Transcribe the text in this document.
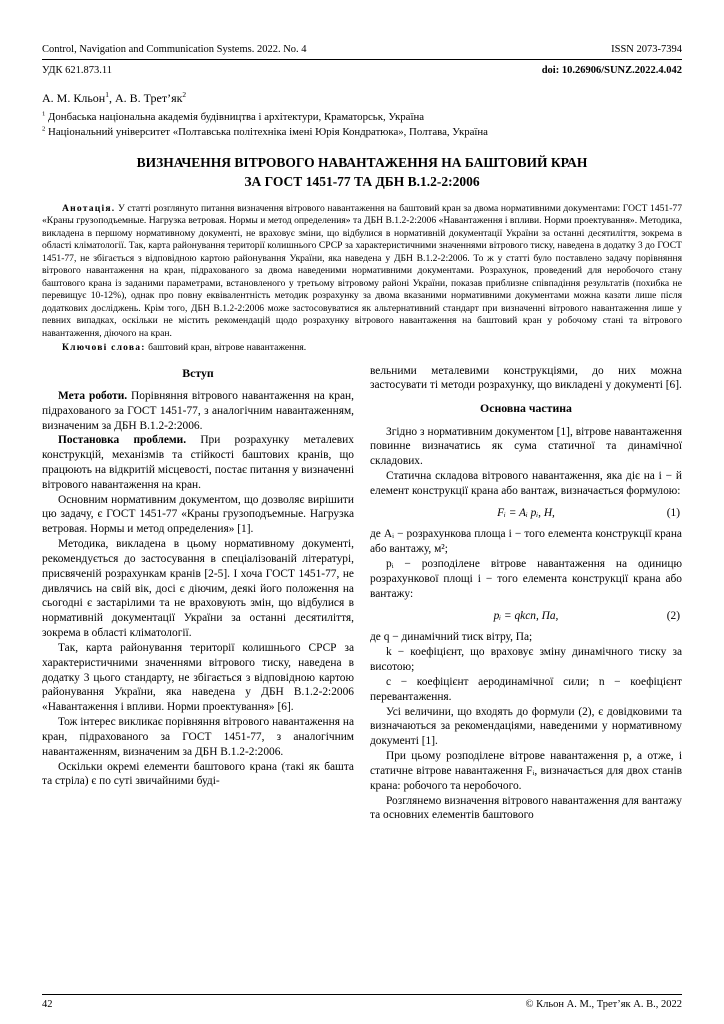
Control, Navigation and Communication Systems. 2022. No. 4	ISSN 2073-7394
УДК 621.873.11	doi: 10.26906/SUNZ.2022.4.042
А. М. Кльон$^1$, А. В. $Трет’як^2$
$^1$ Донбаська національна академія будівництва і архітектури, Краматорськ, Україна
$^2$ Національний університет «Полтавська політехніка імені Юрія Кондратюка», Полтава, Україна
ВИЗНАЧЕННЯ ВІТРОВОГО НАВАНТАЖЕННЯ НА БАШТОВИЙ КРАН
ЗА ГОСТ 1451-77 ТА ДБН В.1.2-2:2006

Анотація. У статті розглянуто питання визначення вітрового навантаження на баштовий кран за двома нормативними документами: ГОСТ 1451-77 «Краны грузоподъемные. Нагрузка ветровая. Нормы и метод определения» та ДБН В.1.2-2:2006 «Навантаження і впливи. Норми проектування». Методика, викладена в першому нормативному документі, не враховує зміни, що відбулися в нормативній документації України за останні десятиліття, зокрема в області кліматології. Так, карта районування території колишнього СРСР за характеристичними значеннями вітрового тиску, наведена в додатку 3 до ГОСТ 1451-77, не збігається з відповідною картою районування України, яка наведена у ДБН В.1.2-2:2006. То ж у статті було поставлено задачу порівняння вітрового навантаження на кран, підрахованого за двома наведеними нормативними документами. Розрахунок, проведений для неробочого стану баштового крана із заданими параметрами, встановленого у третьому вітровому районі України, показав приблизне співпадіння результатів (похибка не перевищує 10-12%), однак про повну еквівалентність методик розрахунку за двома вказаними нормативними документами можна казати лише після додаткових досліджень. Крім того, ДБН В.1.2-2:2006 може застосовуватися як альтернативний стандарт при визначенні вітрового навантаження лише у певних випадках, оскільки не містить рекомендацій щодо розрахунку вітрового навантаження на баштовий кран у робочому стані та вітрового навантаження, діючого на кран.

Ключові слова: баштовий кран, вітрове навантаження.

Вступ

Мета роботи. Порівняння вітрового навантаження на кран, підрахованого за ГОСТ 1451-77, з аналогічним навантаженням, визначеним за ДБН В.1.2-2:2006.

Постановка проблеми. При розрахунку металевих конструкцій, механізмів та стійкості баштових кранів, що працюють на відкритій місцевості, постає питання у визначенні вітрового навантаження на кран.

Основним нормативним документом, що дозволяє вирішити цю задачу, є ГОСТ 1451-77 «Краны грузоподъемные. Нагрузка ветровая. Нормы и метод определения» [1].

Методика, викладена в цьому нормативному документі, рекомендується до застосування в спеціалізованій літературі, присвяченій розрахункам кранів [2-5]. І хоча ГОСТ 1451-77, не дивлячись на свій вік, досі є діючим, деякі його положення на сьогодні є застарілими та не враховують змін, що відбулися в нормативній документації України за останні десятиліття, зокрема в області кліматології.

Так, карта районування території колишнього СРСР за характеристичними значеннями вітрового тиску, наведена в додатку 3 цього стандарту, не збігається з відповідною картою районування України, яка наведена у ДБН В.1.2-2:2006 «Навантаження і впливи. Норми проектування» [6].

Тож інтерес викликає порівняння вітрового навантаження на кран, підрахованого за ГОСТ 1451-77, з аналогічним навантаженням, визначеним за ДБН В.1.2-2:2006.

Оскільки окремі елементи баштового крана (такі як башта та стріла) є по суті звичайними буді-

вельними металевими конструкціями, до них можна застосувати ті методи розрахунку, що викладені у документі [6].

Основна частина

Згідно з нормативним документом [1], вітрове навантаження повинне визначатись як сума статичної та динамічної складових.

Статична складова вітрового навантаження, яка діє на i − й елемент конструкції крана або вантаж, визначається формулою:

Fᵢ = Aᵢ pᵢ, Н,	(1)

де Aᵢ − розрахункова площа i − того елемента конструкції крана або вантажу, м²;

pᵢ − розподілене вітрове навантаження на одиницю розрахункової площі i − того елемента конструкції крана або вантажу:

pᵢ = qkcn, Па,	(2)

де q − динамічний тиск вітру, Па;

k − коефіцієнт, що враховує зміну динамічного тиску за висотою;

c − коефіцієнт аеродинамічної сили; n − коефіцієнт перевантаження.

Усі величини, що входять до формули (2), є довідковими та визначаються за рекомендаціями, наведеними у нормативному документі [1].

При цьому розподілене вітрове навантаження p, а отже, і статичне вітрове навантаження Fᵢ, визначається для двох станів крана: робочого та неробочого.

Розглянемо визначення вітрового навантаження для вантажу та основних елементів баштового

42	© Кльон А. М., Трет’як А. В., 2022
